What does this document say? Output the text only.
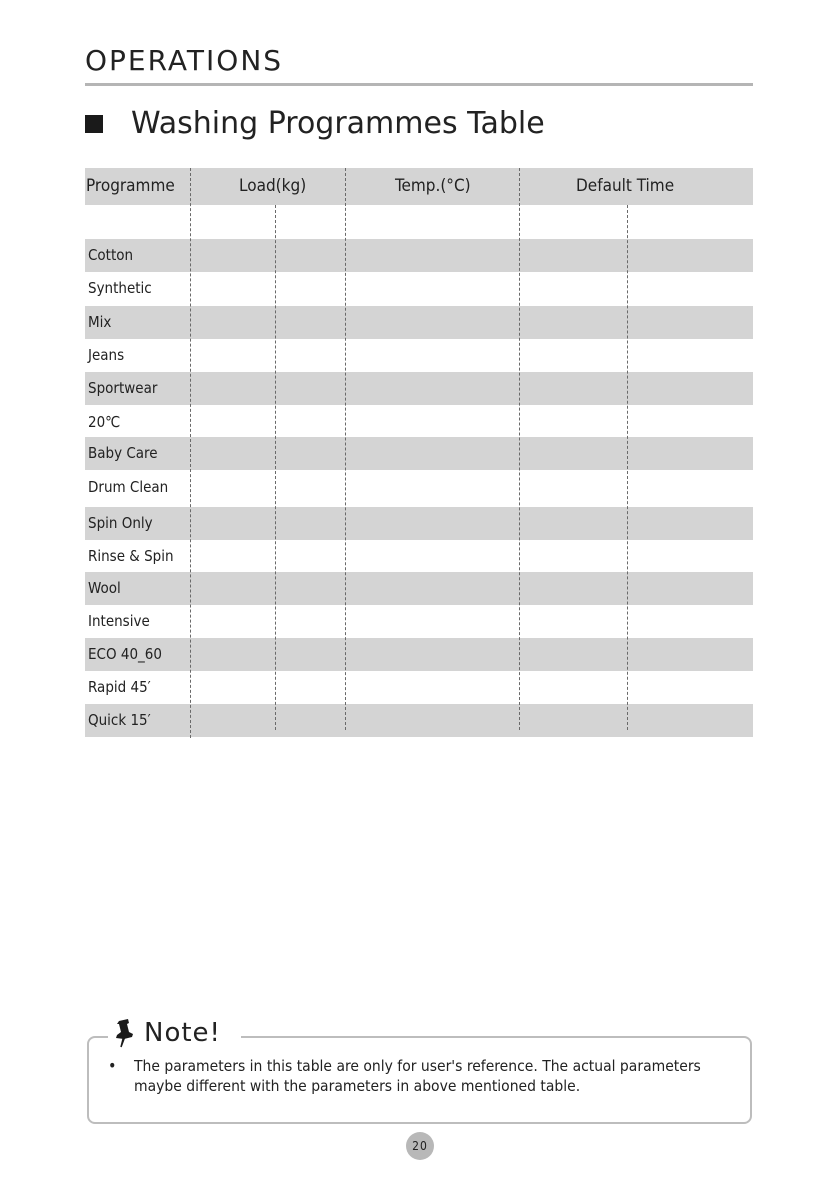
OPERATIONS
Washing Programmes Table
Programme	Load(kg)	Temp.(°C)	Default Time
Cotton
Synthetic
Mix
Jeans
Sportwear
20℃
Baby Care
Drum Clean
Spin Only
Rinse & Spin
Wool
Intensive
ECO 40_60
Rapid 45′
Quick 15′
Note!
• The parameters in this table are only for user's reference. The actual parameters maybe different with the parameters in above mentioned table.
20
